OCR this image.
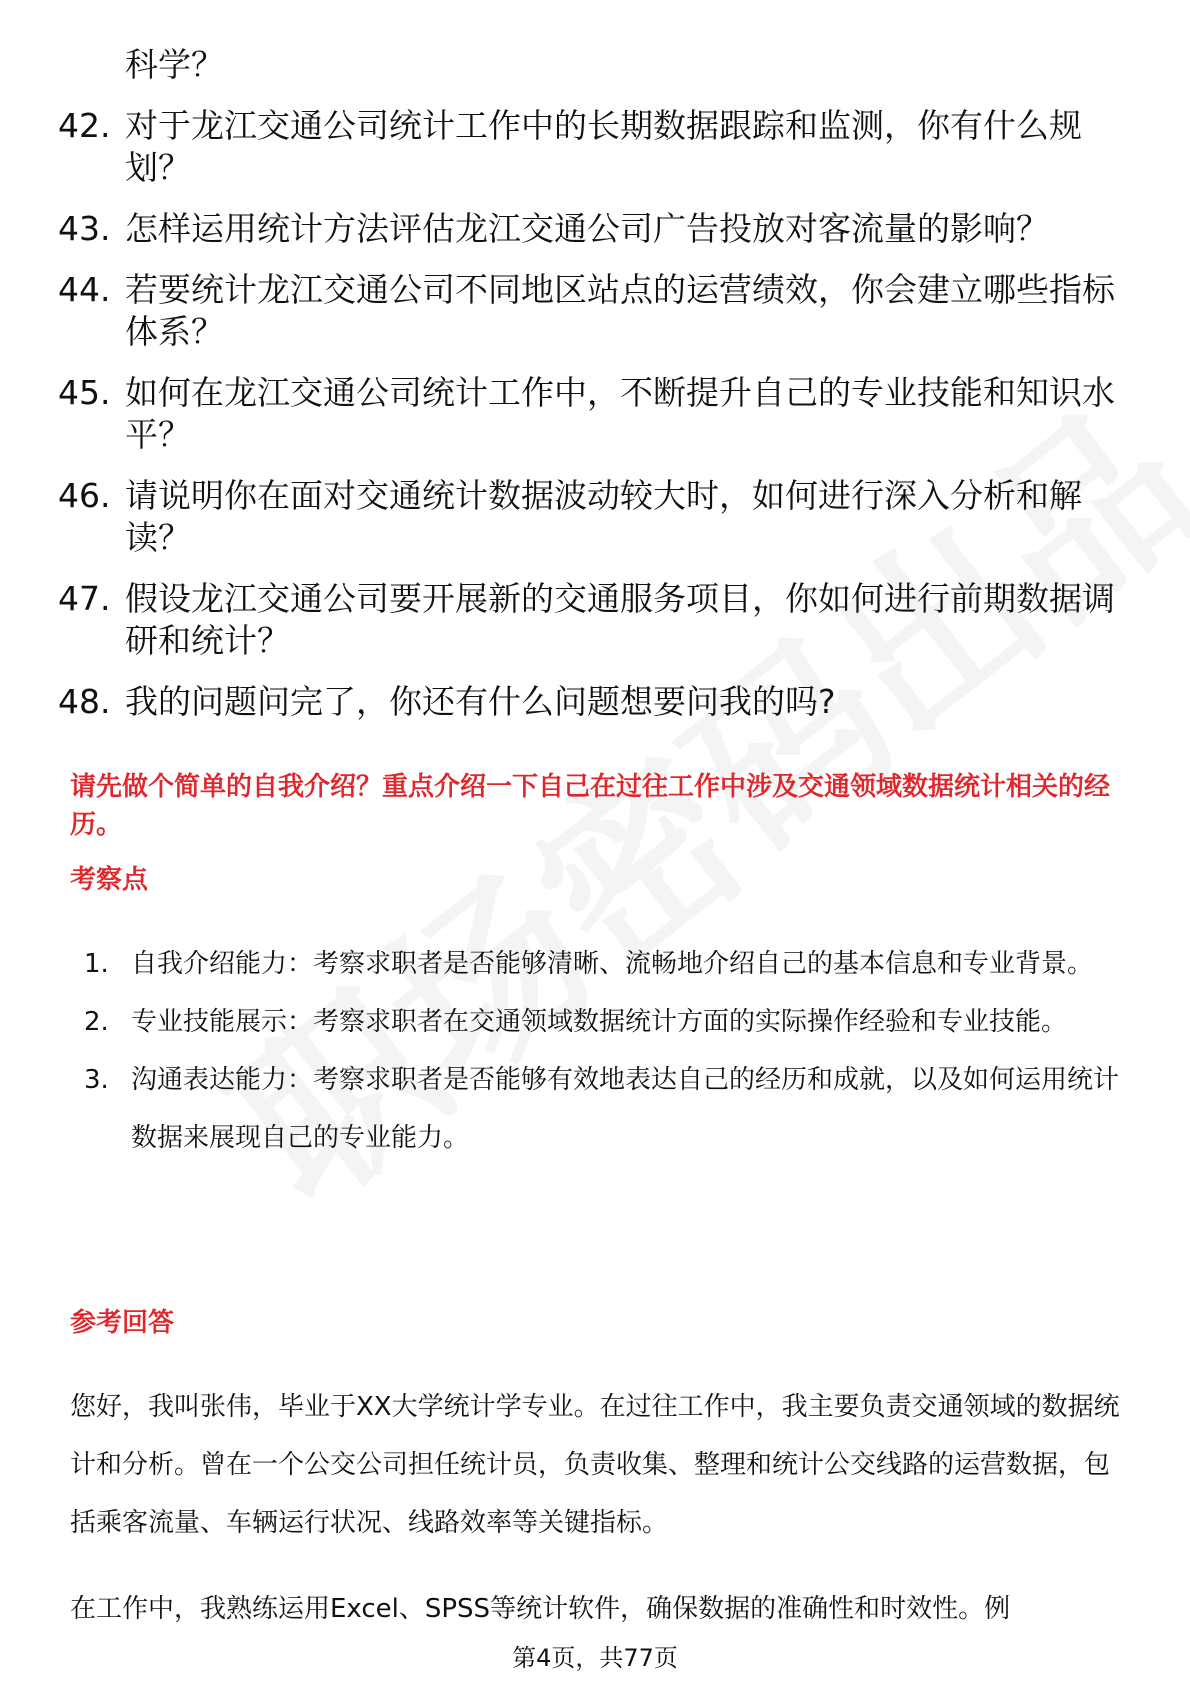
科学？
42. 对于龙江交通公司统计工作中的长期数据跟踪和监测，你有什么规划？
43. 怎样运用统计方法评估龙江交通公司广告投放对客流量的影响？
44. 若要统计龙江交通公司不同地区站点的运营绩效，你会建立哪些指标体系？
45. 如何在龙江交通公司统计工作中，不断提升自己的专业技能和知识水平？
46. 请说明你在面对交通统计数据波动较大时，如何进行深入分析和解读？
47. 假设龙江交通公司要开展新的交通服务项目，你如何进行前期数据调研和统计？
48. 我的问题问完了，你还有什么问题想要问我的吗?
请先做个简单的自我介绍？重点介绍一下自己在过往工作中涉及交通领域数据统计相关的经历。
考察点
1. 自我介绍能力：考察求职者是否能够清晰、流畅地介绍自己的基本信息和专业背景。
2. 专业技能展示：考察求职者在交通领域数据统计方面的实际操作经验和专业技能。
3. 沟通表达能力：考察求职者是否能够有效地表达自己的经历和成就，以及如何运用统计数据来展现自己的专业能力。
参考回答
您好，我叫张伟，毕业于XX大学统计学专业。在过往工作中，我主要负责交通领域的数据统计和分析。曾在一个公交公司担任统计员，负责收集、整理和统计公交线路的运营数据，包括乘客流量、车辆运行状况、线路效率等关键指标。
在工作中，我熟练运用Excel、SPSS等统计软件，确保数据的准确性和时效性。例
第4页，共77页
